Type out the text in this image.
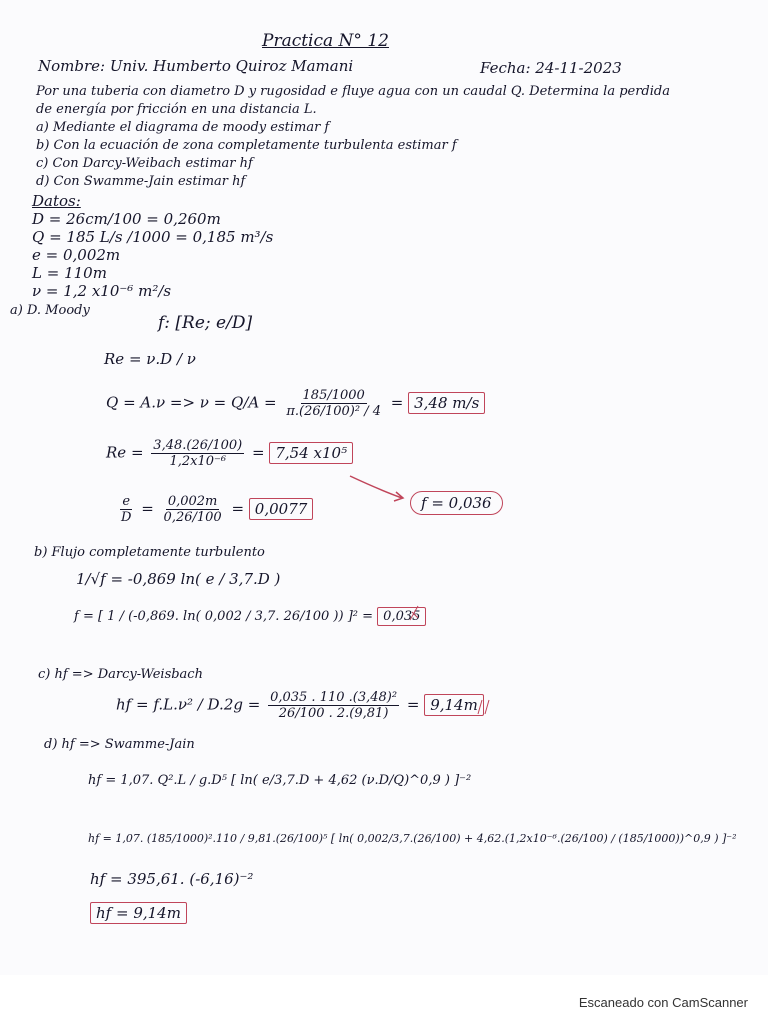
Practica N° 12
Nombre: Univ. Humberto Quiroz Mamani	Fecha: 24-11-2023
Por una tuberia con diametro D y rugosidad e fluye agua con un caudal Q. Determina la perdida
de energía por fricción en una distancia L.
a) Mediante el diagrama de moody estimar f
b) Con la ecuación de zona completamente turbulenta estimar f
c) Con Darcy-Weibach estimar hf
d) Con Swamme-Jain estimar hf
Datos:
D = 26cm/100 = 0,260m
Q = 185 L/s /1000 = 0,185 m³/s
e = 0,002m
L = 110m
ν = 1,2 x10⁻⁶ m²/s
a) D. Moody
f: [Re; e/D]
Re = ν.D / ν
$Q = A.\nu => \nu = Q/A = \frac{185/1000}{\text{π.(26/100)² / 4}} = 3,48$ m/s
$Re = \frac{3,48.(26/100)}{\text{1,2x10⁻⁶}} = 7,54$ x10⁵
$\frac{e}{D} = \frac{0,002m}{0,26/100} = 0,0077$	f = 0,036
b) Flujo completamente turbulento
1/√f = -0,869 ln( e / 3,7.D )
f = [ 1 / (-0,869. ln( 0,002 / 3,7. 26/100 )) ]² = 0,035
c) hf => Darcy-Weisbach
hf = $f.L.\nu^2 / D.2g = \frac{\text{0,035 . 110 .(3,48)²}}{26/100 . 2.(9,81)} = 9,14m$
d) hf => Swamme-Jain
hf = 1,07. Q².L / g.D⁵ [ ln( e/3,7.D + 4,62 (ν.D/Q)^0,9 ) ]⁻²
hf = 1,07. (185/1000)².110 / 9,81.(26/100)⁵ [ ln( 0,002/3,7.(26/100) + 4,62.(1,2x10⁻⁶.(26/100) / (185/1000))^0,9 ) ]⁻²
hf = 395,61. (-6,16)⁻²
hf = 9,14m
Escaneado con CamScanner
